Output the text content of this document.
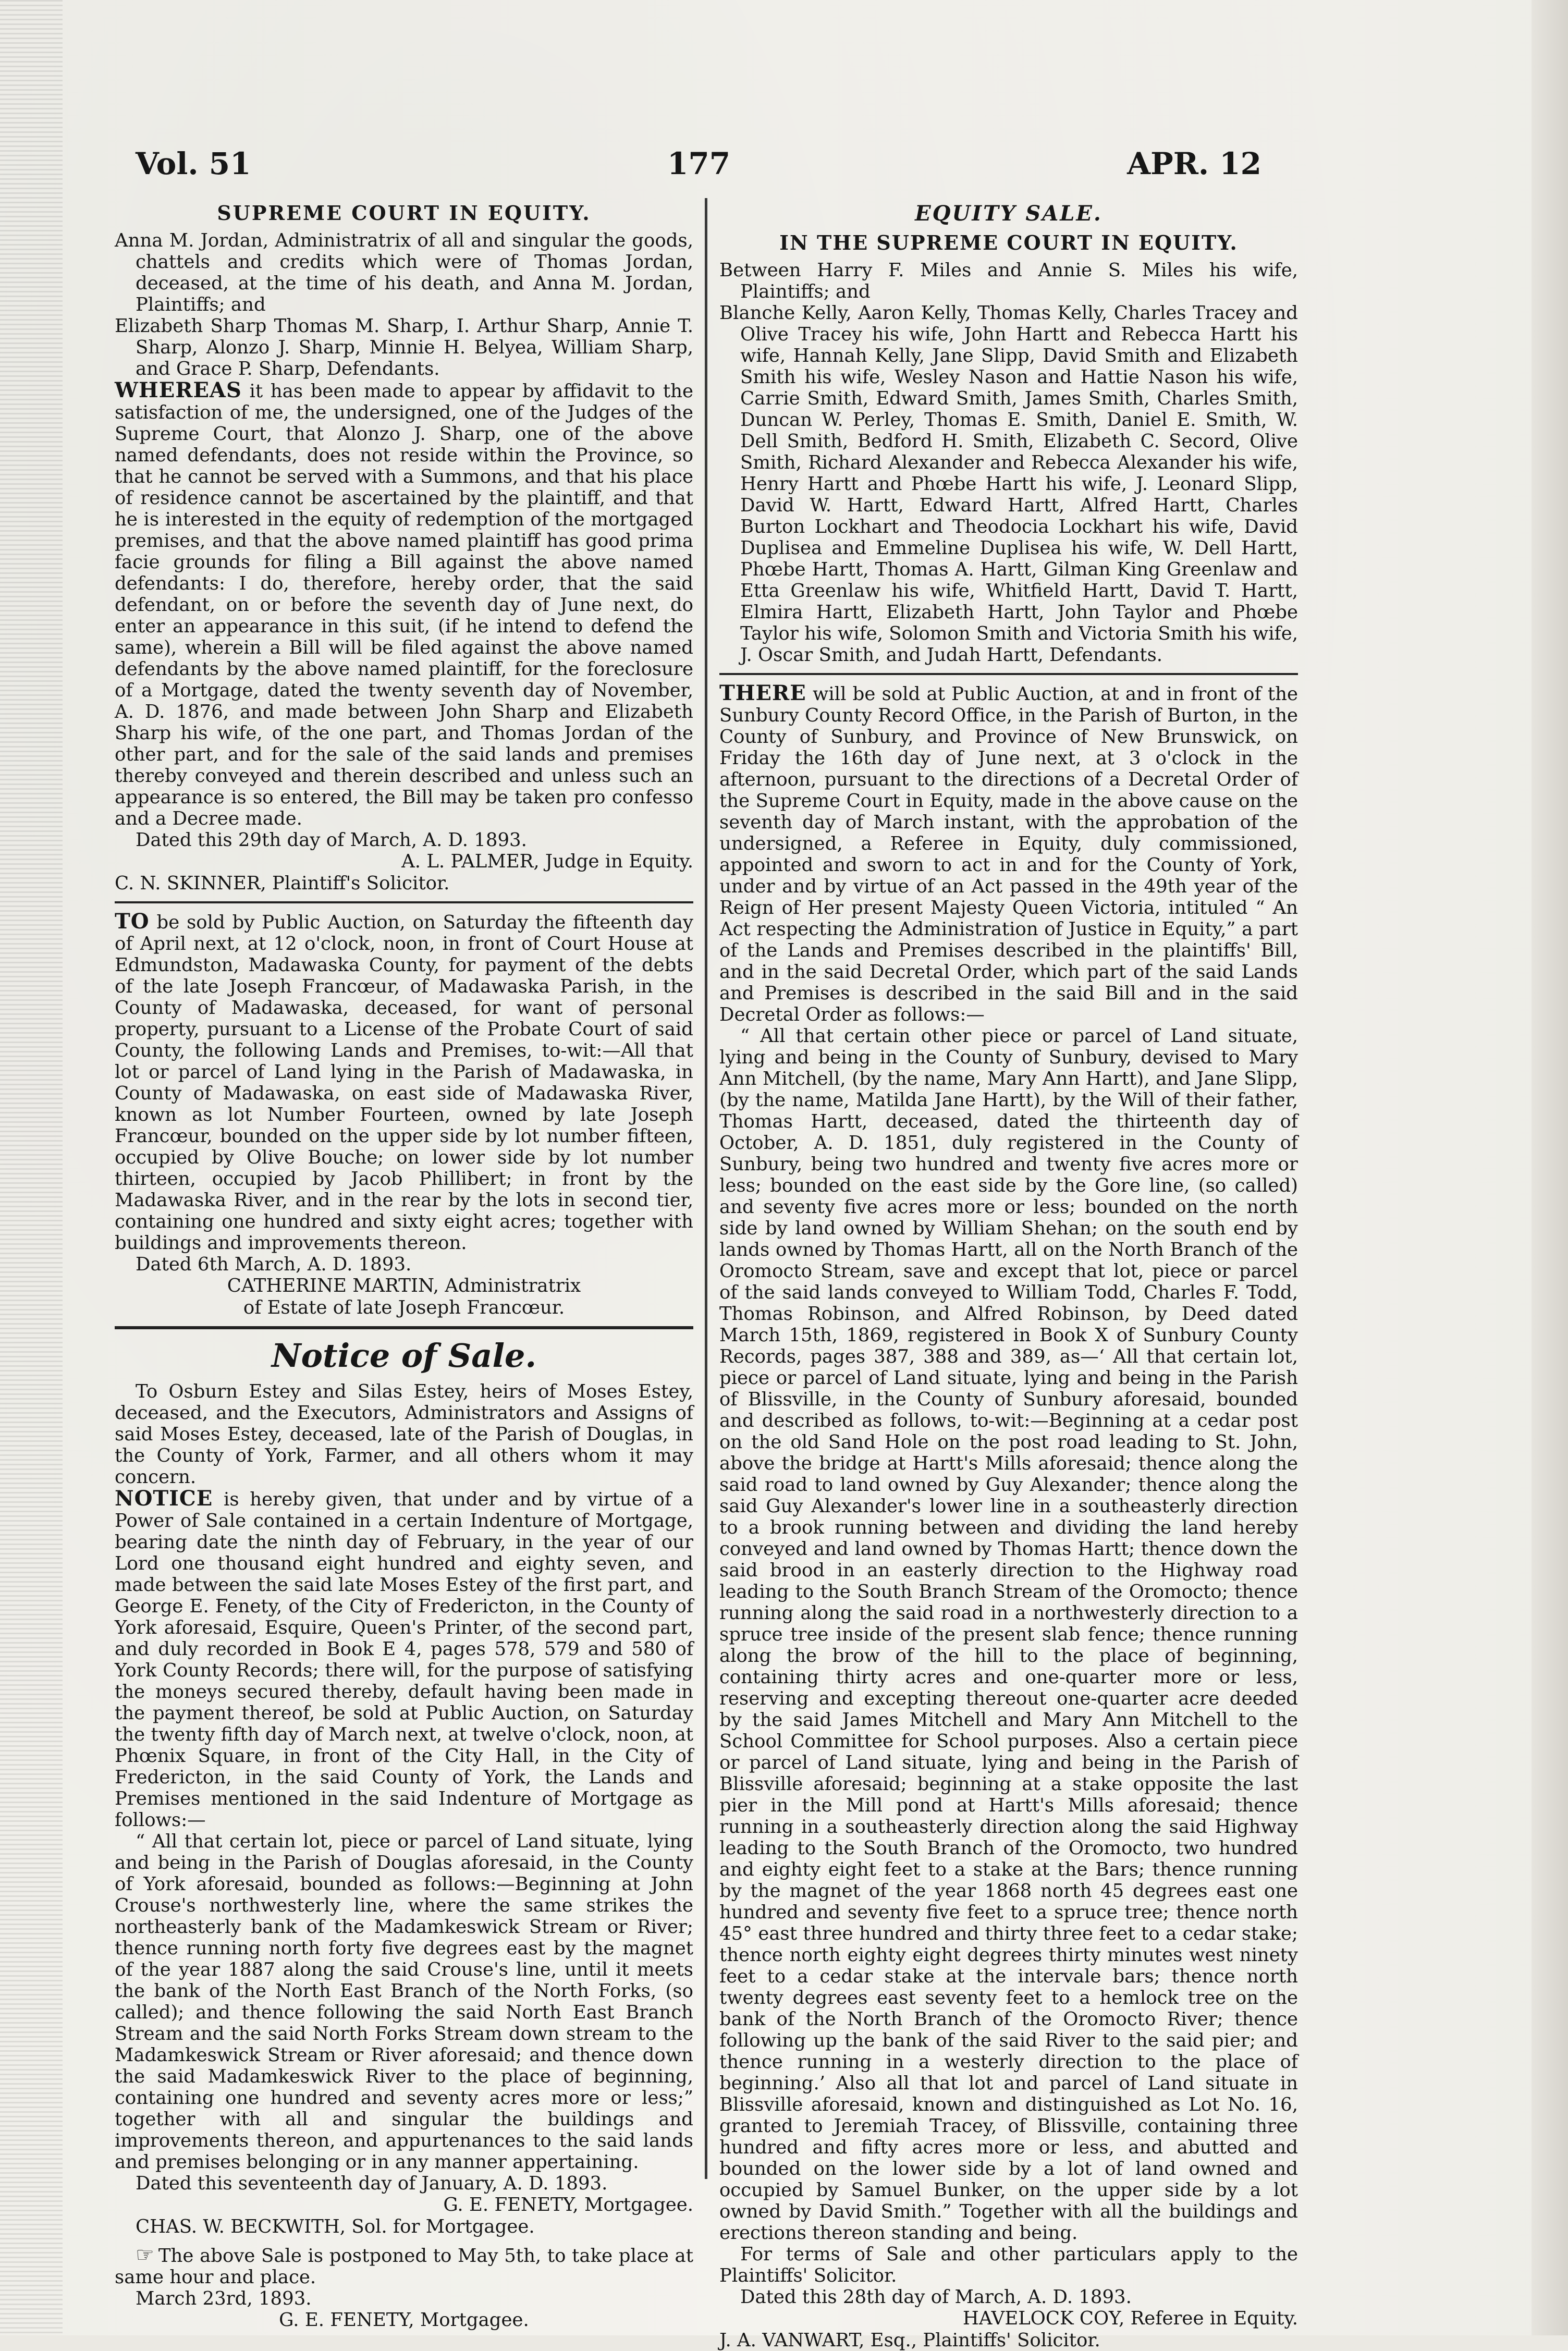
Vol. 51	177	APR. 12
SUPREME COURT IN EQUITY.

Anna M. Jordan, Administratrix of all and singular the goods, chattels and credits which were of Thomas Jordan, deceased, at the time of his death, and Anna M. Jordan, Plaintiffs; and

Elizabeth Sharp Thomas M. Sharp, I. Arthur Sharp, Annie T. Sharp, Alonzo J. Sharp, Minnie H. Belyea, William Sharp, and Grace P. Sharp, Defendants.

WHEREAS it has been made to appear by affidavit to the satisfaction of me, the undersigned, one of the Judges of the Supreme Court, that Alonzo J. Sharp, one of the above named defendants, does not reside within the Province, so that he cannot be served with a Summons, and that his place of residence cannot be ascertained by the plaintiff, and that he is interested in the equity of redemption of the mortgaged premises, and that the above named plaintiff has good prima facie grounds for filing a Bill against the above named defendants: I do, therefore, hereby order, that the said defendant, on or before the seventh day of June next, do enter an appearance in this suit, (if he intend to defend the same), wherein a Bill will be filed against the above named defendants by the above named plaintiff, for the foreclosure of a Mortgage, dated the twenty seventh day of November, A. D. 1876, and made between John Sharp and Elizabeth Sharp his wife, of the one part, and Thomas Jordan of the other part, and for the sale of the said lands and premises thereby conveyed and therein described and unless such an appearance is so entered, the Bill may be taken pro confesso and a Decree made.

Dated this 29th day of March, A. D. 1893.

A. L. PALMER, Judge in Equity.

C. N. SKINNER, Plaintiff's Solicitor.

TO be sold by Public Auction, on Saturday the fifteenth day of April next, at 12 o'clock, noon, in front of Court House at Edmundston, Madawaska County, for payment of the debts of the late Joseph Francœur, of Madawaska Parish, in the County of Madawaska, deceased, for want of personal property, pursuant to a License of the Probate Court of said County, the following Lands and Premises, to-wit:—All that lot or parcel of Land lying in the Parish of Madawaska, in County of Madawaska, on east side of Madawaska River, known as lot Number Fourteen, owned by late Joseph Francœur, bounded on the upper side by lot number fifteen, occupied by Olive Bouche; on lower side by lot number thirteen, occupied by Jacob Phillibert; in front by the Madawaska River, and in the rear by the lots in second tier, containing one hundred and sixty eight acres; together with buildings and improvements thereon.

Dated 6th March, A. D. 1893.

CATHERINE MARTIN, Administratrix
of Estate of late Joseph Francœur.
Notice of Sale.

To Osburn Estey and Silas Estey, heirs of Moses Estey, deceased, and the Executors, Administrators and Assigns of said Moses Estey, deceased, late of the Parish of Douglas, in the County of York, Farmer, and all others whom it may concern.

NOTICE is hereby given, that under and by virtue of a Power of Sale contained in a certain Indenture of Mortgage, bearing date the ninth day of February, in the year of our Lord one thousand eight hundred and eighty seven, and made between the said late Moses Estey of the first part, and George E. Fenety, of the City of Fredericton, in the County of York aforesaid, Esquire, Queen's Printer, of the second part, and duly recorded in Book E 4, pages 578, 579 and 580 of York County Records; there will, for the purpose of satisfying the moneys secured thereby, default having been made in the payment thereof, be sold at Public Auction, on Saturday the twenty fifth day of March next, at twelve o'clock, noon, at Phœnix Square, in front of the City Hall, in the City of Fredericton, in the said County of York, the Lands and Premises mentioned in the said Indenture of Mortgage as follows:—

“ All that certain lot, piece or parcel of Land situate, lying and being in the Parish of Douglas aforesaid, in the County of York aforesaid, bounded as follows:—Beginning at John Crouse's northwesterly line, where the same strikes the northeasterly bank of the Madamkeswick Stream or River; thence running north forty five degrees east by the magnet of the year 1887 along the said Crouse's line, until it meets the bank of the North East Branch of the North Forks, (so called); and thence following the said North East Branch Stream and the said North Forks Stream down stream to the Madamkeswick Stream or River aforesaid; and thence down the said Madamkeswick River to the place of beginning, containing one hundred and seventy acres more or less;” together with all and singular the buildings and improvements thereon, and appurtenances to the said lands and premises belonging or in any manner appertaining.

Dated this seventeenth day of January, A. D. 1893.

G. E. FENETY, Mortgagee.

CHAS. W. BECKWITH, Sol. for Mortgagee.

☞ The above Sale is postponed to May 5th, to take place at same hour and place.

March 23rd, 1893.

G. E. FENETY, Mortgagee.
EQUITY SALE.
IN THE SUPREME COURT IN EQUITY.

Between Harry F. Miles and Annie S. Miles his wife, Plaintiffs; and

Blanche Kelly, Aaron Kelly, Thomas Kelly, Charles Tracey and Olive Tracey his wife, John Hartt and Rebecca Hartt his wife, Hannah Kelly, Jane Slipp, David Smith and Elizabeth Smith his wife, Wesley Nason and Hattie Nason his wife, Carrie Smith, Edward Smith, James Smith, Charles Smith, Duncan W. Perley, Thomas E. Smith, Daniel E. Smith, W. Dell Smith, Bedford H. Smith, Elizabeth C. Secord, Olive Smith, Richard Alexander and Rebecca Alexander his wife, Henry Hartt and Phœbe Hartt his wife, J. Leonard Slipp, David W. Hartt, Edward Hartt, Alfred Hartt, Charles Burton Lockhart and Theodocia Lockhart his wife, David Duplisea and Emmeline Duplisea his wife, W. Dell Hartt, Phœbe Hartt, Thomas A. Hartt, Gilman King Greenlaw and Etta Greenlaw his wife, Whitfield Hartt, David T. Hartt, Elmira Hartt, Elizabeth Hartt, John Taylor and Phœbe Taylor his wife, Solomon Smith and Victoria Smith his wife, J. Oscar Smith, and Judah Hartt, Defendants.

THERE will be sold at Public Auction, at and in front of the Sunbury County Record Office, in the Parish of Burton, in the County of Sunbury, and Province of New Brunswick, on Friday the 16th day of June next, at 3 o'clock in the afternoon, pursuant to the directions of a Decretal Order of the Supreme Court in Equity, made in the above cause on the seventh day of March instant, with the approbation of the undersigned, a Referee in Equity, duly commissioned, appointed and sworn to act in and for the County of York, under and by virtue of an Act passed in the 49th year of the Reign of Her present Majesty Queen Victoria, intituled “ An Act respecting the Administration of Justice in Equity,” a part of the Lands and Premises described in the plaintiffs' Bill, and in the said Decretal Order, which part of the said Lands and Premises is described in the said Bill and in the said Decretal Order as follows:—

“ All that certain other piece or parcel of Land situate, lying and being in the County of Sunbury, devised to Mary Ann Mitchell, (by the name, Mary Ann Hartt), and Jane Slipp, (by the name, Matilda Jane Hartt), by the Will of their father, Thomas Hartt, deceased, dated the thirteenth day of October, A. D. 1851, duly registered in the County of Sunbury, being two hundred and twenty five acres more or less; bounded on the east side by the Gore line, (so called) and seventy five acres more or less; bounded on the north side by land owned by William Shehan; on the south end by lands owned by Thomas Hartt, all on the North Branch of the Oromocto Stream, save and except that lot, piece or parcel of the said lands conveyed to William Todd, Charles F. Todd, Thomas Robinson, and Alfred Robinson, by Deed dated March 15th, 1869, registered in Book X of Sunbury County Records, pages 387, 388 and 389, as—‘ All that certain lot, piece or parcel of Land situate, lying and being in the Parish of Blissville, in the County of Sunbury aforesaid, bounded and described as follows, to-wit:—Beginning at a cedar post on the old Sand Hole on the post road leading to St. John, above the bridge at Hartt's Mills aforesaid; thence along the said road to land owned by Guy Alexander; thence along the said Guy Alexander's lower line in a southeasterly direction to a brook running between and dividing the land hereby conveyed and land owned by Thomas Hartt; thence down the said brood in an easterly direction to the Highway road leading to the South Branch Stream of the Oromocto; thence running along the said road in a northwesterly direction to a spruce tree inside of the present slab fence; thence running along the brow of the hill to the place of beginning, containing thirty acres and one-quarter more or less, reserving and excepting thereout one-quarter acre deeded by the said James Mitchell and Mary Ann Mitchell to the School Committee for School purposes. Also a certain piece or parcel of Land situate, lying and being in the Parish of Blissville aforesaid; beginning at a stake opposite the last pier in the Mill pond at Hartt's Mills aforesaid; thence running in a southeasterly direction along the said Highway leading to the South Branch of the Oromocto, two hundred and eighty eight feet to a stake at the Bars; thence running by the magnet of the year 1868 north 45 degrees east one hundred and seventy five feet to a spruce tree; thence north 45° east three hundred and thirty three feet to a cedar stake; thence north eighty eight degrees thirty minutes west ninety feet to a cedar stake at the intervale bars; thence north twenty degrees east seventy feet to a hemlock tree on the bank of the North Branch of the Oromocto River; thence following up the bank of the said River to the said pier; and thence running in a westerly direction to the place of beginning.’ Also all that lot and parcel of Land situate in Blissville aforesaid, known and distinguished as Lot No. 16, granted to Jeremiah Tracey, of Blissville, containing three hundred and fifty acres more or less, and abutted and bounded on the lower side by a lot of land owned and occupied by Samuel Bunker, on the upper side by a lot owned by David Smith.” Together with all the buildings and erections thereon standing and being.

For terms of Sale and other particulars apply to the Plaintiffs' Solicitor.

Dated this 28th day of March, A. D. 1893.

HAVELOCK COY, Referee in Equity.

J. A. VANWART, Esq., Plaintiffs' Solicitor.
